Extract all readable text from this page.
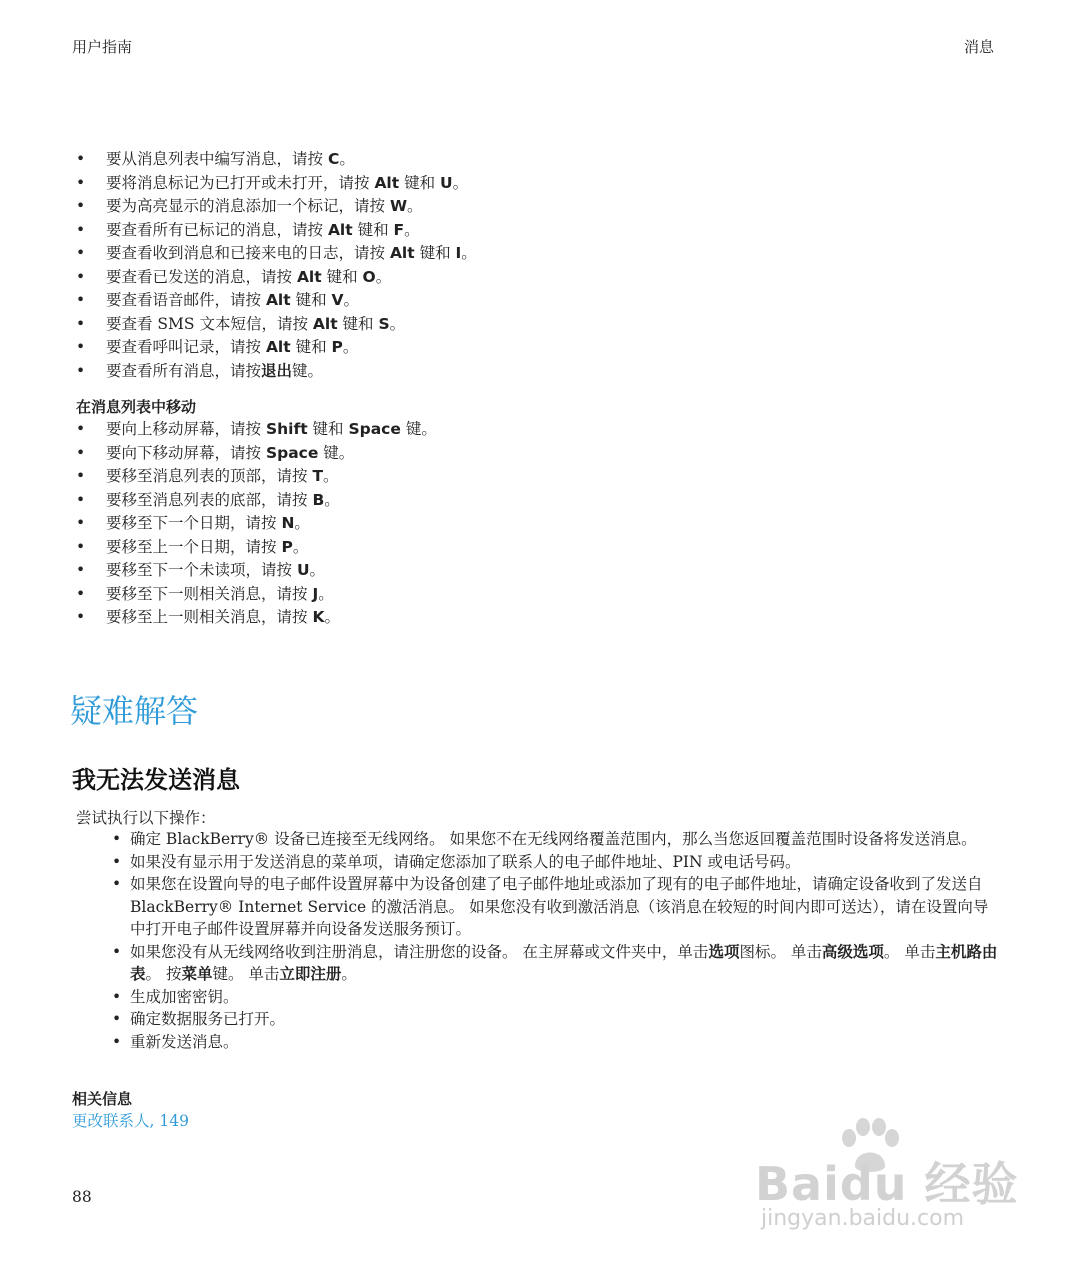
用户指南	消息
• 要从消息列表中编写消息，请按 C。
• 要将消息标记为已打开或未打开，请按 Alt 键和 U。
• 要为高亮显示的消息添加一个标记，请按 W。
• 要查看所有已标记的消息，请按 Alt 键和 F。
• 要查看收到消息和已接来电的日志，请按 Alt 键和 I。
• 要查看已发送的消息，请按 Alt 键和 O。
• 要查看语音邮件，请按 Alt 键和 V。
• 要查看 SMS 文本短信，请按 Alt 键和 S。
• 要查看呼叫记录，请按 Alt 键和 P。
• 要查看所有消息，请按退出键。
在消息列表中移动
• 要向上移动屏幕，请按 Shift 键和 Space 键。
• 要向下移动屏幕，请按 Space 键。
• 要移至消息列表的顶部，请按 T。
• 要移至消息列表的底部，请按 B。
• 要移至下一个日期，请按 N。
• 要移至上一个日期，请按 P。
• 要移至下一个未读项，请按 U。
• 要移至下一则相关消息，请按 J。
• 要移至上一则相关消息，请按 K。
疑难解答
我无法发送消息
尝试执行以下操作：
• 确定 BlackBerry® 设备已连接至无线网络。 如果您不在无线网络覆盖范围内，那么当您返回覆盖范围时设备将发送消息。
• 如果没有显示用于发送消息的菜单项，请确定您添加了联系人的电子邮件地址、PIN 或电话号码。
• 如果您在设置向导的电子邮件设置屏幕中为设备创建了电子邮件地址或添加了现有的电子邮件地址，请确定设备收到了发送自 BlackBerry® Internet Service 的激活消息。 如果您没有收到激活消息（该消息在较短的时间内即可送达），请在设置向导中打开电子邮件设置屏幕并向设备发送服务预订。
• 如果您没有从无线网络收到注册消息，请注册您的设备。 在主屏幕或文件夹中，单击选项图标。 单击高级选项。 单击主机路由表。 按菜单键。 单击立即注册。
• 生成加密密钥。
• 确定数据服务已打开。
• 重新发送消息。
相关信息
更改联系人, 149
88	Baidu 经验
jingyan.baidu.com
